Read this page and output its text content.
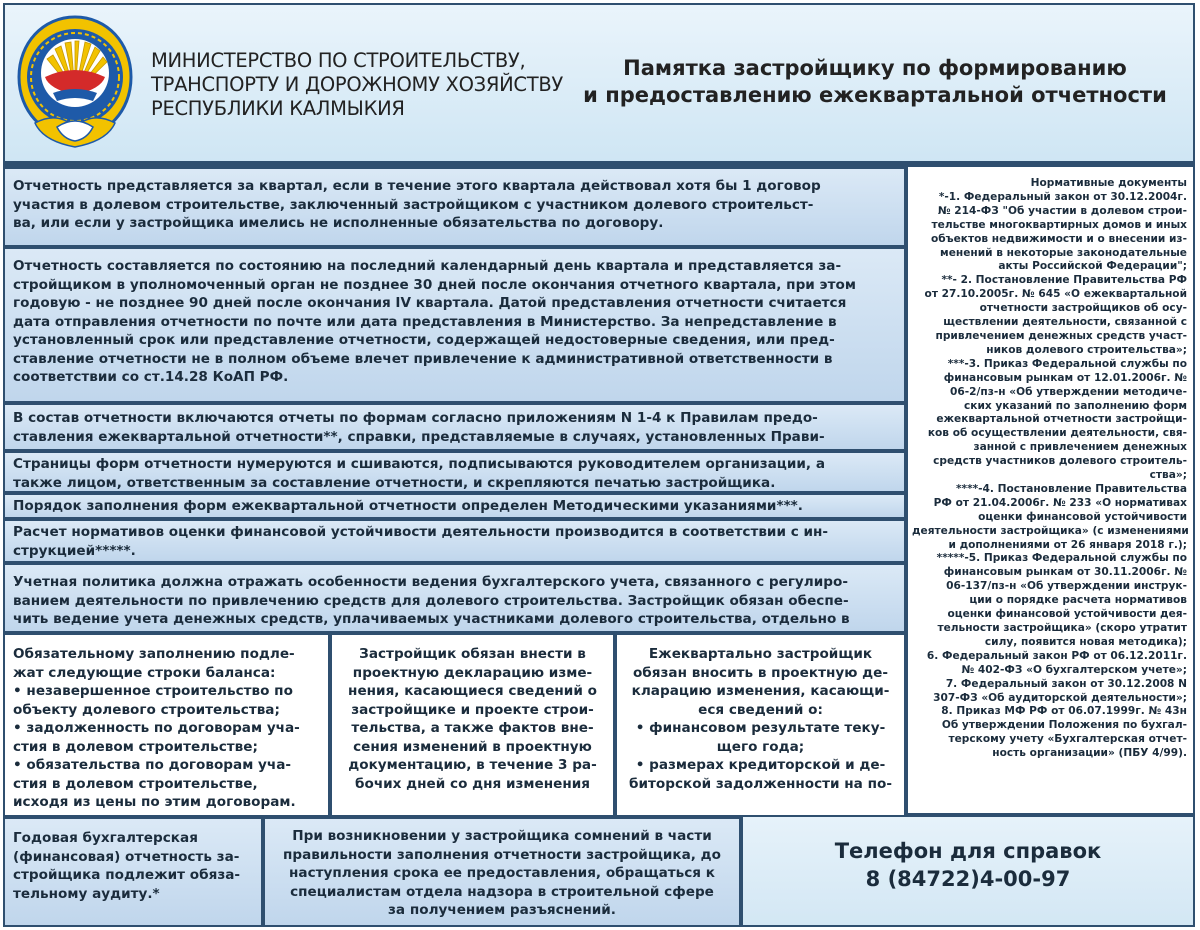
МИНИСТЕРСТВО ПО СТРОИТЕЛЬСТВУ,
ТРАНСПОРТУ И ДОРОЖНОМУ ХОЗЯЙСТВУ
РЕСПУБЛИКИ КАЛМЫКИЯ
Памятка застройщику по формированию
и предоставлению ежеквартальной отчетности
Отчетность представляется за квартал, если в течение этого квартала действовал хотя бы 1 договор
участия в долевом строительстве, заключенный застройщиком с участником долевого строительст-
ва, или если у застройщика имелись не исполненные обязательства по договору.
Отчетность составляется по состоянию на последний календарный день квартала и представляется за-
стройщиком в уполномоченный орган не позднее 30 дней после окончания отчетного квартала, при этом
годовую - не позднее 90 дней после окончания IV квартала. Датой представления отчетности считается
дата отправления отчетности по почте или дата представления в Министерство. За непредставление в
установленный срок или представление отчетности, содержащей недостоверные сведения, или пред-
ставление отчетности не в полном объеме влечет привлечение к административной ответственности в
соответствии со ст.14.28 КоАП РФ.
В состав отчетности включаются отчеты по формам согласно приложениям N 1-4 к Правилам предо-
ставления ежеквартальной отчетности**, справки, представляемые в случаях, установленных Прави-
Страницы форм отчетности нумеруются и сшиваются, подписываются руководителем организации, а
также лицом, ответственным за составление отчетности, и скрепляются печатью застройщика.
Порядок заполнения форм ежеквартальной отчетности определен Методическими указаниями***.
Расчет нормативов оценки финансовой устойчивости деятельности производится в соответствии с ин-
струкцией*****.
Учетная политика должна отражать особенности ведения бухгалтерского учета, связанного с регулиро-
ванием деятельности по привлечению средств для долевого строительства. Застройщик обязан обеспе-
чить ведение учета денежных средств, уплачиваемых участниками долевого строительства, отдельно в
Обязательному заполнению подле-
жат следующие строки баланса:
• незавершенное строительство по
объекту долевого строительства;
• задолженность по договорам уча-
стия в долевом строительстве;
• обязательства по договорам уча-
стия в долевом строительстве,
исходя из цены по этим договорам.
Застройщик обязан внести в
проектную декларацию изме-
нения, касающиеся сведений о
застройщике и проекте строи-
тельства, а также фактов вне-
сения изменений в проектную
документацию, в течение 3 ра-
бочих дней со дня изменения
Ежеквартально застройщик
обязан вносить в проектную де-
кларацию изменения, касающи-
еся сведений о:
• финансовом результате теку-
щего года;
• размерах кредиторской и де-
биторской задолженности на по-
Нормативные документы
*-1. Федеральный закон от 30.12.2004г.
№ 214-ФЗ "Об участии в долевом строи-
тельстве многоквартирных домов и иных
объектов недвижимости и о внесении из-
менений в некоторые законодательные
акты Российской Федерации";
**- 2. Постановление Правительства РФ
от 27.10.2005г. № 645 «О ежеквартальной
отчетности застройщиков об осу-
ществлении деятельности, связанной с
привлечением денежных средств участ-
ников долевого строительства»;
***-3. Приказ Федеральной службы по
финансовым рынкам от 12.01.2006г. №
06-2/пз-н «Об утверждении методиче-
ских указаний по заполнению форм
ежеквартальной отчетности застройщи-
ков об осуществлении деятельности, свя-
занной с привлечением денежных
средств участников долевого строитель-
ства»;
****-4. Постановление Правительства
РФ от 21.04.2006г. № 233 «О нормативах
оценки финансовой устойчивости
деятельности застройщика» (с изменениями
и дополнениями от 26 января 2018 г.);
*****-5. Приказ Федеральной службы по
финансовым рынкам от 30.11.2006г. №
06-137/пз-н «Об утверждении инструк-
ции о порядке расчета нормативов
оценки финансовой устойчивости дея-
тельности застройщика» (скоро утратит
силу, появится новая методика);
6. Федеральный закон РФ от 06.12.2011г.
№ 402-ФЗ «О бухгалтерском учете»;
7. Федеральный закон от 30.12.2008 N
307-ФЗ «Об аудиторской деятельности»;
8. Приказ МФ РФ от 06.07.1999г. № 43н
Об утверждении Положения по бухгал-
терскому учету «Бухгалтерская отчет-
ность организации» (ПБУ 4/99).
Годовая бухгалтерская
(финансовая) отчетность за-
стройщика подлежит обяза-
тельному аудиту.*
При возникновении у застройщика сомнений в части
правильности заполнения отчетности застройщика, до
наступления срока ее предоставления, обращаться к
специалистам отдела надзора в строительной сфере
за получением разъяснений.
Телефон для справок
8 (84722)4-00-97
